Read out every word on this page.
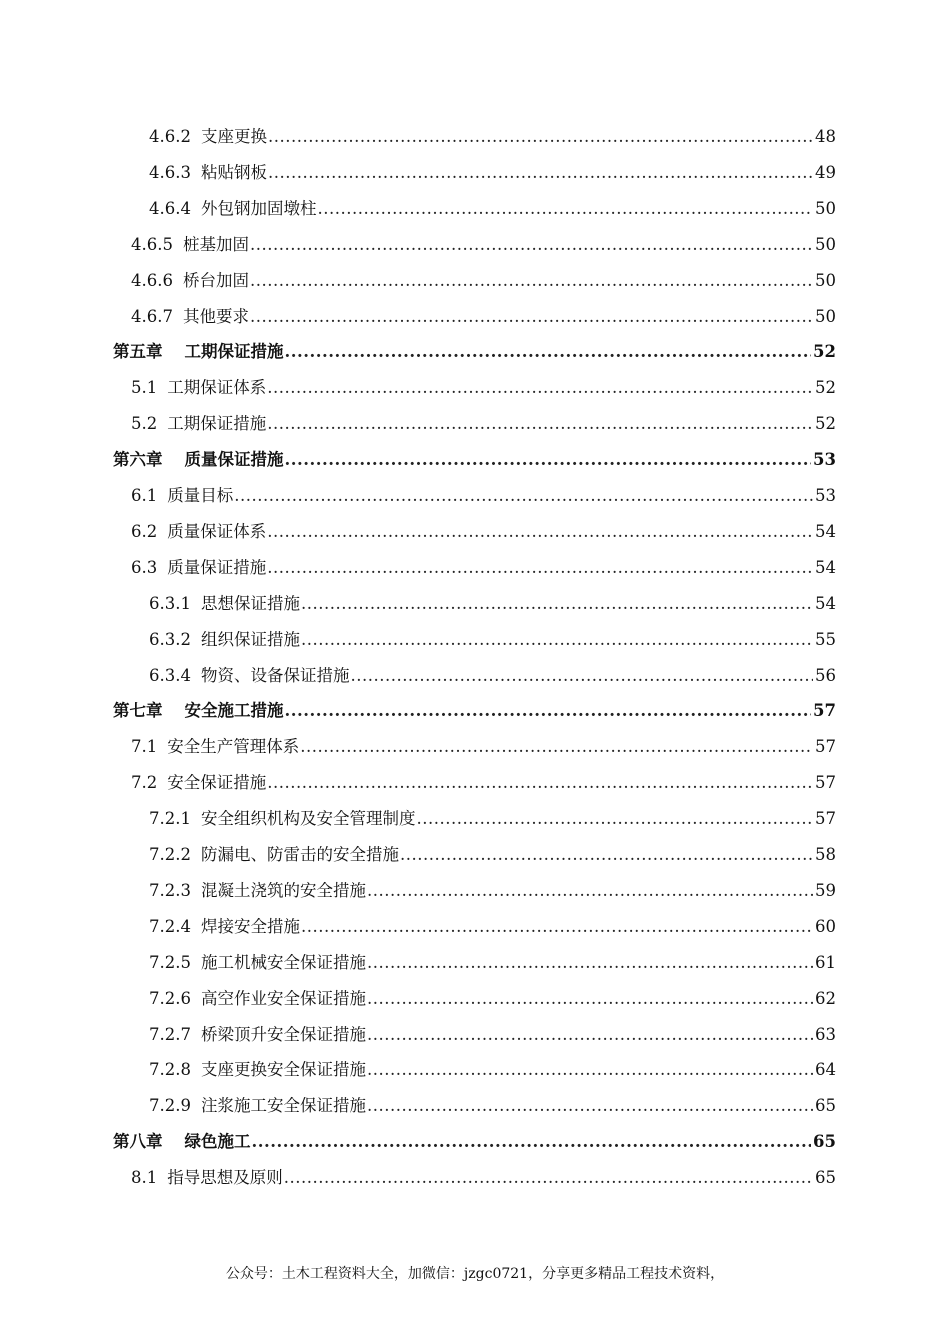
4.6.2 支座更换 .....	48
4.6.3 粘贴钢板 .....	49
4.6.4 外包钢加固墩柱 .....	50
4.6.5 桩基加固 .....	50
4.6.6 桥台加固 .....	50
4.6.7 其他要求 .....	50
第五章 工期保证措施 .....	52
5.1 工期保证体系 .....	52
5.2 工期保证措施 .....	52
第六章 质量保证措施 .....	53
6.1 质量目标 .....	53
6.2 质量保证体系 .....	54
6.3 质量保证措施 .....	54
6.3.1 思想保证措施 .....	54
6.3.2 组织保证措施 .....	55
6.3.4 物资、设备保证措施 .....	56
第七章 安全施工措施 .....	57
7.1 安全生产管理体系 .....	57
7.2 安全保证措施 .....	57
7.2.1 安全组织机构及安全管理制度 .....	57
7.2.2 防漏电、防雷击的安全措施 .....	58
7.2.3 混凝土浇筑的安全措施 .....	59
7.2.4 焊接安全措施 .....	60
7.2.5 施工机械安全保证措施 .....	61
7.2.6 高空作业安全保证措施 .....	62
7.2.7 桥梁顶升安全保证措施 .....	63
7.2.8 支座更换安全保证措施 .....	64
7.2.9 注浆施工安全保证措施 .....	65
第八章 绿色施工 .....	65
8.1 指导思想及原则 .....	65
公众号：土木工程资料大全，加微信：jzgc0721，分享更多精品工程技术资料，
